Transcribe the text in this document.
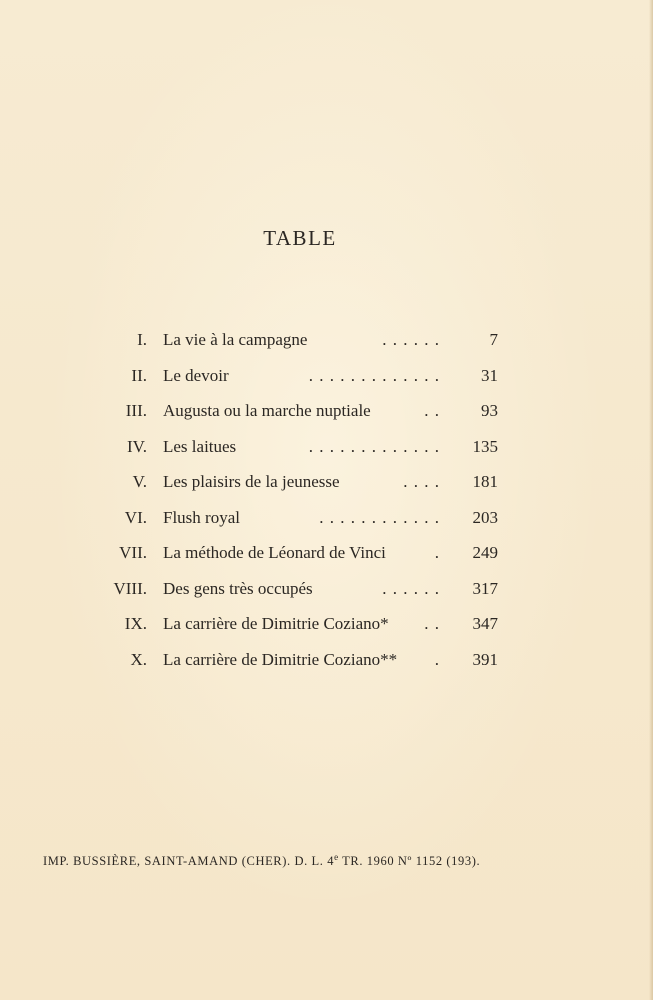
TABLE
I. La vie à la campagne	. . . . . .	7
II. Le devoir	. . . . . . . . . . . . . 31
III. Augusta ou la marche nuptiale	. . 93
IV. Les laitues	. . . . . . . . . . . . . 135
V. Les plaisirs de la jeunesse	. . . . 181
VI. Flush royal	. . . . . . . . . . . . 203
VII. La méthode de Léonard de Vinci	. 249
VIII. Des gens très occupés	. . . . . . 317
IX. La carrière de Dimitrie Coziano* . . 347
X. La carrière de Dimitrie Coziano** . 391

IMP. BUSSIÈRE, SAINT-AMAND (CHER). D. L. 4e TR. 1960 Nº 1152 (193).
